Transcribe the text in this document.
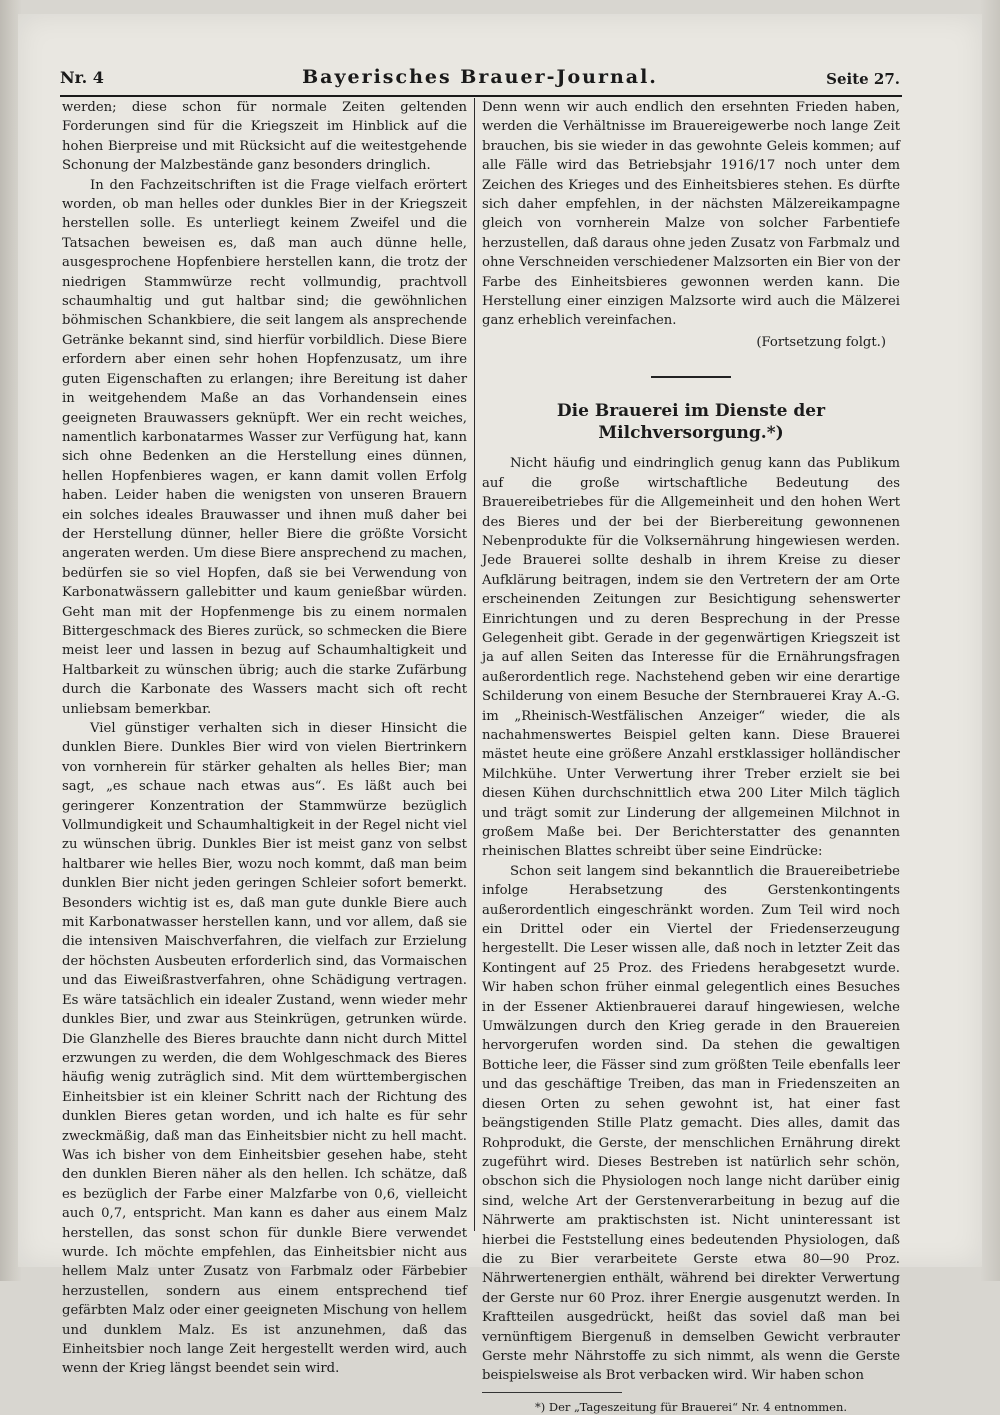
Nr. 4	Bayerisches Brauer-Journal.	Seite 27.

werden; diese schon für normale Zeiten geltenden Forderungen sind für die Kriegszeit im Hinblick auf die hohen Bierpreise und mit Rücksicht auf die weitestgehende Schonung der Malzbestände ganz besonders dringlich.

In den Fachzeitschriften ist die Frage vielfach erörtert worden, ob man helles oder dunkles Bier in der Kriegszeit herstellen solle. Es unterliegt keinem Zweifel und die Tatsachen beweisen es, daß man auch dünne helle, ausgesprochene Hopfenbiere herstellen kann, die trotz der niedrigen Stammwürze recht vollmundig, prachtvoll schaumhaltig und gut haltbar sind; die gewöhnlichen böhmischen Schankbiere, die seit langem als ansprechende Getränke bekannt sind, sind hierfür vorbildlich. Diese Biere erfordern aber einen sehr hohen Hopfenzusatz, um ihre guten Eigenschaften zu erlangen; ihre Bereitung ist daher in weitgehendem Maße an das Vorhandensein eines geeigneten Brauwassers geknüpft. Wer ein recht weiches, namentlich karbonatarmes Wasser zur Verfügung hat, kann sich ohne Bedenken an die Herstellung eines dünnen, hellen Hopfenbieres wagen, er kann damit vollen Erfolg haben. Leider haben die wenigsten von unseren Brauern ein solches ideales Brauwasser und ihnen muß daher bei der Herstellung dünner, heller Biere die größte Vorsicht angeraten werden. Um diese Biere ansprechend zu machen, bedürfen sie so viel Hopfen, daß sie bei Verwendung von Karbonatwässern gallebitter und kaum genießbar würden. Geht man mit der Hopfenmenge bis zu einem normalen Bittergeschmack des Bieres zurück, so schmecken die Biere meist leer und lassen in bezug auf Schaumhaltigkeit und Haltbarkeit zu wünschen übrig; auch die starke Zufärbung durch die Karbonate des Wassers macht sich oft recht unliebsam bemerkbar.

Viel günstiger verhalten sich in dieser Hinsicht die dunklen Biere. Dunkles Bier wird von vielen Biertrinkern von vornherein für stärker gehalten als helles Bier; man sagt, „es schaue nach etwas aus“. Es läßt auch bei geringerer Konzentration der Stammwürze bezüglich Vollmundigkeit und Schaumhaltigkeit in der Regel nicht viel zu wünschen übrig. Dunkles Bier ist meist ganz von selbst haltbarer wie helles Bier, wozu noch kommt, daß man beim dunklen Bier nicht jeden geringen Schleier sofort bemerkt. Besonders wichtig ist es, daß man gute dunkle Biere auch mit Karbonatwasser herstellen kann, und vor allem, daß sie die intensiven Maischverfahren, die vielfach zur Erzielung der höchsten Ausbeuten erforderlich sind, das Vormaischen und das Eiweißrastverfahren, ohne Schädigung vertragen. Es wäre tatsächlich ein idealer Zustand, wenn wieder mehr dunkles Bier, und zwar aus Steinkrügen, getrunken würde. Die Glanzhelle des Bieres brauchte dann nicht durch Mittel erzwungen zu werden, die dem Wohlgeschmack des Bieres häufig wenig zuträglich sind. Mit dem württembergischen Einheitsbier ist ein kleiner Schritt nach der Richtung des dunklen Bieres getan worden, und ich halte es für sehr zweckmäßig, daß man das Einheitsbier nicht zu hell macht. Was ich bisher von dem Einheitsbier gesehen habe, steht den dunklen Bieren näher als den hellen. Ich schätze, daß es bezüglich der Farbe einer Malzfarbe von 0,6, vielleicht auch 0,7, entspricht. Man kann es daher aus einem Malz herstellen, das sonst schon für dunkle Biere verwendet wurde. Ich möchte empfehlen, das Einheitsbier nicht aus hellem Malz unter Zusatz von Farbmalz oder Färbebier herzustellen, sondern aus einem entsprechend tief gefärbten Malz oder einer geeigneten Mischung von hellem und dunklem Malz. Es ist anzunehmen, daß das Einheitsbier noch lange Zeit hergestellt werden wird, auch wenn der Krieg längst beendet sein wird.

Denn wenn wir auch endlich den ersehnten Frieden haben, werden die Verhältnisse im Brauereigewerbe noch lange Zeit brauchen, bis sie wieder in das gewohnte Geleis kommen; auf alle Fälle wird das Betriebsjahr 1916/17 noch unter dem Zeichen des Krieges und des Einheitsbieres stehen. Es dürfte sich daher empfehlen, in der nächsten Mälzereikampagne gleich von vornherein Malze von solcher Farbentiefe herzustellen, daß daraus ohne jeden Zusatz von Farbmalz und ohne Verschneiden verschiedener Malzsorten ein Bier von der Farbe des Einheitsbieres gewonnen werden kann. Die Herstellung einer einzigen Malzsorte wird auch die Mälzerei ganz erheblich vereinfachen.

(Fortsetzung folgt.)

Die Brauerei im Dienste der Milchversorgung.*)

Nicht häufig und eindringlich genug kann das Publikum auf die große wirtschaftliche Bedeutung des Brauereibetriebes für die Allgemeinheit und den hohen Wert des Bieres und der bei der Bierbereitung gewonnenen Nebenprodukte für die Volksernährung hingewiesen werden. Jede Brauerei sollte deshalb in ihrem Kreise zu dieser Aufklärung beitragen, indem sie den Vertretern der am Orte erscheinenden Zeitungen zur Besichtigung sehenswerter Einrichtungen und zu deren Besprechung in der Presse Gelegenheit gibt. Gerade in der gegenwärtigen Kriegszeit ist ja auf allen Seiten das Interesse für die Ernährungsfragen außerordentlich rege. Nachstehend geben wir eine derartige Schilderung von einem Besuche der Sternbrauerei Kray A.-G. im „Rheinisch-Westfälischen Anzeiger“ wieder, die als nachahmenswertes Beispiel gelten kann. Diese Brauerei mästet heute eine größere Anzahl erstklassiger holländischer Milchkühe. Unter Verwertung ihrer Treber erzielt sie bei diesen Kühen durchschnittlich etwa 200 Liter Milch täglich und trägt somit zur Linderung der allgemeinen Milchnot in großem Maße bei. Der Berichterstatter des genannten rheinischen Blattes schreibt über seine Eindrücke:

Schon seit langem sind bekanntlich die Brauereibetriebe infolge Herabsetzung des Gerstenkontingents außerordentlich eingeschränkt worden. Zum Teil wird noch ein Drittel oder ein Viertel der Friedenserzeugung hergestellt. Die Leser wissen alle, daß noch in letzter Zeit das Kontingent auf 25 Proz. des Friedens herabgesetzt wurde. Wir haben schon früher einmal gelegentlich eines Besuches in der Essener Aktienbrauerei darauf hingewiesen, welche Umwälzungen durch den Krieg gerade in den Brauereien hervorgerufen worden sind. Da stehen die gewaltigen Bottiche leer, die Fässer sind zum größten Teile ebenfalls leer und das geschäftige Treiben, das man in Friedenszeiten an diesen Orten zu sehen gewohnt ist, hat einer fast beängstigenden Stille Platz gemacht. Dies alles, damit das Rohprodukt, die Gerste, der menschlichen Ernährung direkt zugeführt wird. Dieses Bestreben ist natürlich sehr schön, obschon sich die Physiologen noch lange nicht darüber einig sind, welche Art der Gerstenverarbeitung in bezug auf die Nährwerte am praktischsten ist. Nicht uninteressant ist hierbei die Feststellung eines bedeutenden Physiologen, daß die zu Bier verarbeitete Gerste etwa 80—90 Proz. Nährwertenergien enthält, während bei direkter Verwertung der Gerste nur 60 Proz. ihrer Energie ausgenutzt werden. In Kraftteilen ausgedrückt, heißt das soviel daß man bei vernünftigem Biergenuß in demselben Gewicht verbrauter Gerste mehr Nährstoffe zu sich nimmt, als wenn die Gerste beispielsweise als Brot verbacken wird. Wir haben schon

*) Der „Tageszeitung für Brauerei“ Nr. 4 entnommen.
